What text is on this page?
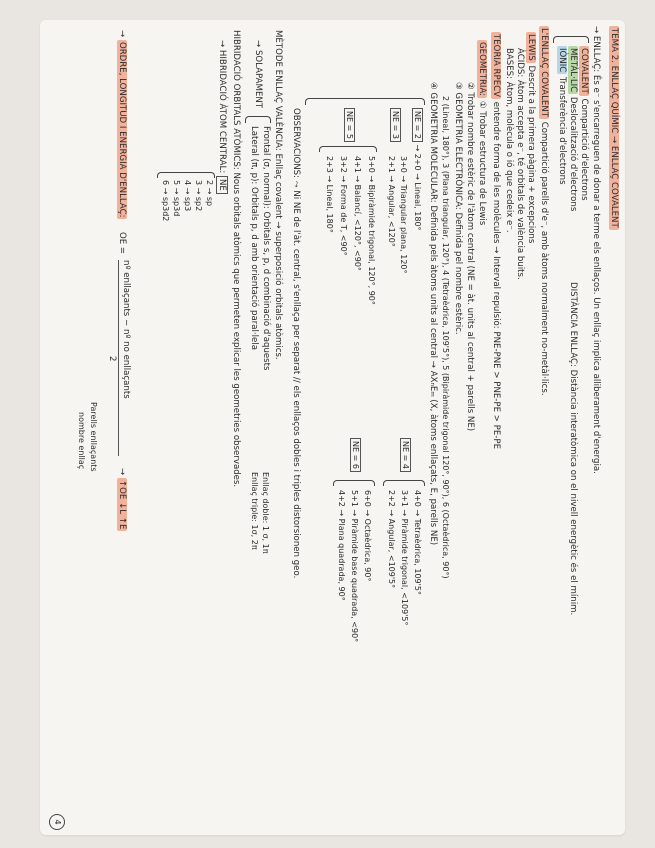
TEMA 2. ENLLAÇ QUÍMIC → ENLLAÇ COVALENT
→ ENLLAÇ: És e⁻ s'encarreguen de donar a terme els enllaços. Un enllaç implica alliberament d'energia.
COVALENT Compartició d'electrons
METÀL·LIC Deslocalització d'electrons
IÒNIC Transferència d'electrons
DISTÀNCIA ENLLAÇ: Distància interatòmica on el nivell energètic és el mínim.
L'ENLLAÇ COVALENT Compartició parells d'e⁻, amb àtoms normalment no-metàl·lics.
LEWIS Descrit a la primera pàgina + excepcions
ÀCIDS: Àtom accepta e⁻, té orbitals de valència buits.
BASES: Àtom, molècula o ió que cedeix e⁻.
TEORIA RPECV entendre forma de les molècules → Interval repulsió: PNE-PNE > PNE-PE > PE-PE
GEOMETRIA: ① Trobar estructura de Lewis
② Trobar nombre estèric de l'àtom central (NE = àt. units al central + parells NE)
③ GEOMETRIA ELECTRÒNICA: Definida pel nombre estèric.
2 (Lineal, 180°), 3 (Plana triangular, 120°), 4 (Tetraèdrica, 109'5°), 5 (Bipiràmide trigonal 120°, 90°), 6 (Octaèdrica, 90°)
④ GEOMETRIA MOLECULAR: Definida pels àtoms units al central → AXₙEₘ (X, àtoms enllaçats, E, parells NE)
NE = 2 → 2+0 → Lineal, 180°
NE = 3
3+0 → Triangular plana, 120°
2+1 → Angular, <120°
NE = 5
5+0 → Bipiràmide trigonal, 120°, 90°
4+1 → Balancí, <120°, <90°
3+2 → Forma de T, <90°
2+3 → Lineal, 180°
NE = 4
4+0 → Tetraèdrica, 109'5°
3+1 → Piràmide trigonal, <109'5°
2+2 → Angular, <109'5°
NE = 6
6+0 → Octaèdrica, 90°
5+1 → Piràmide base quadrada, <90°
4+2 → Plana quadrada, 90°
OBSERVACIONS: ⤳ Ni NE de l'àt. central, s'enllaça per separat // els enllaços dobles i triples distorsionen geo.
MÈTODE ENLLAÇ VALÈNCIA: Enllaç covalent → superposició orbitals atòmics.
→ SOLAPAMENT
Frontal (σ, normal): Orbitals s, p, d combinació d'aquests
Lateral (π, p): Orbitals p, d amb orientació paral·lela
Enllaç doble: 1 σ, 1π
Enllaç triple: 1σ, 2π
HIBRIDACIÓ ORBITALS ATÒMICS: Nous orbitals atòmics que permeten explicar les geometries observades.
→ HIBRIDACIÓ ÀTOM CENTRAL: NE
2 → sp
3 → sp2
4 → sp3
5 → sp3d
6 → sp3d2
→ ORDRE, LONGITUD I ENERGIA D'ENLLAÇ:
OE =
nº enllaçants − nº no enllaçants
2
→ ↑OE ↓L ↑E
Parells enllaçants
nombre enllaç
4
